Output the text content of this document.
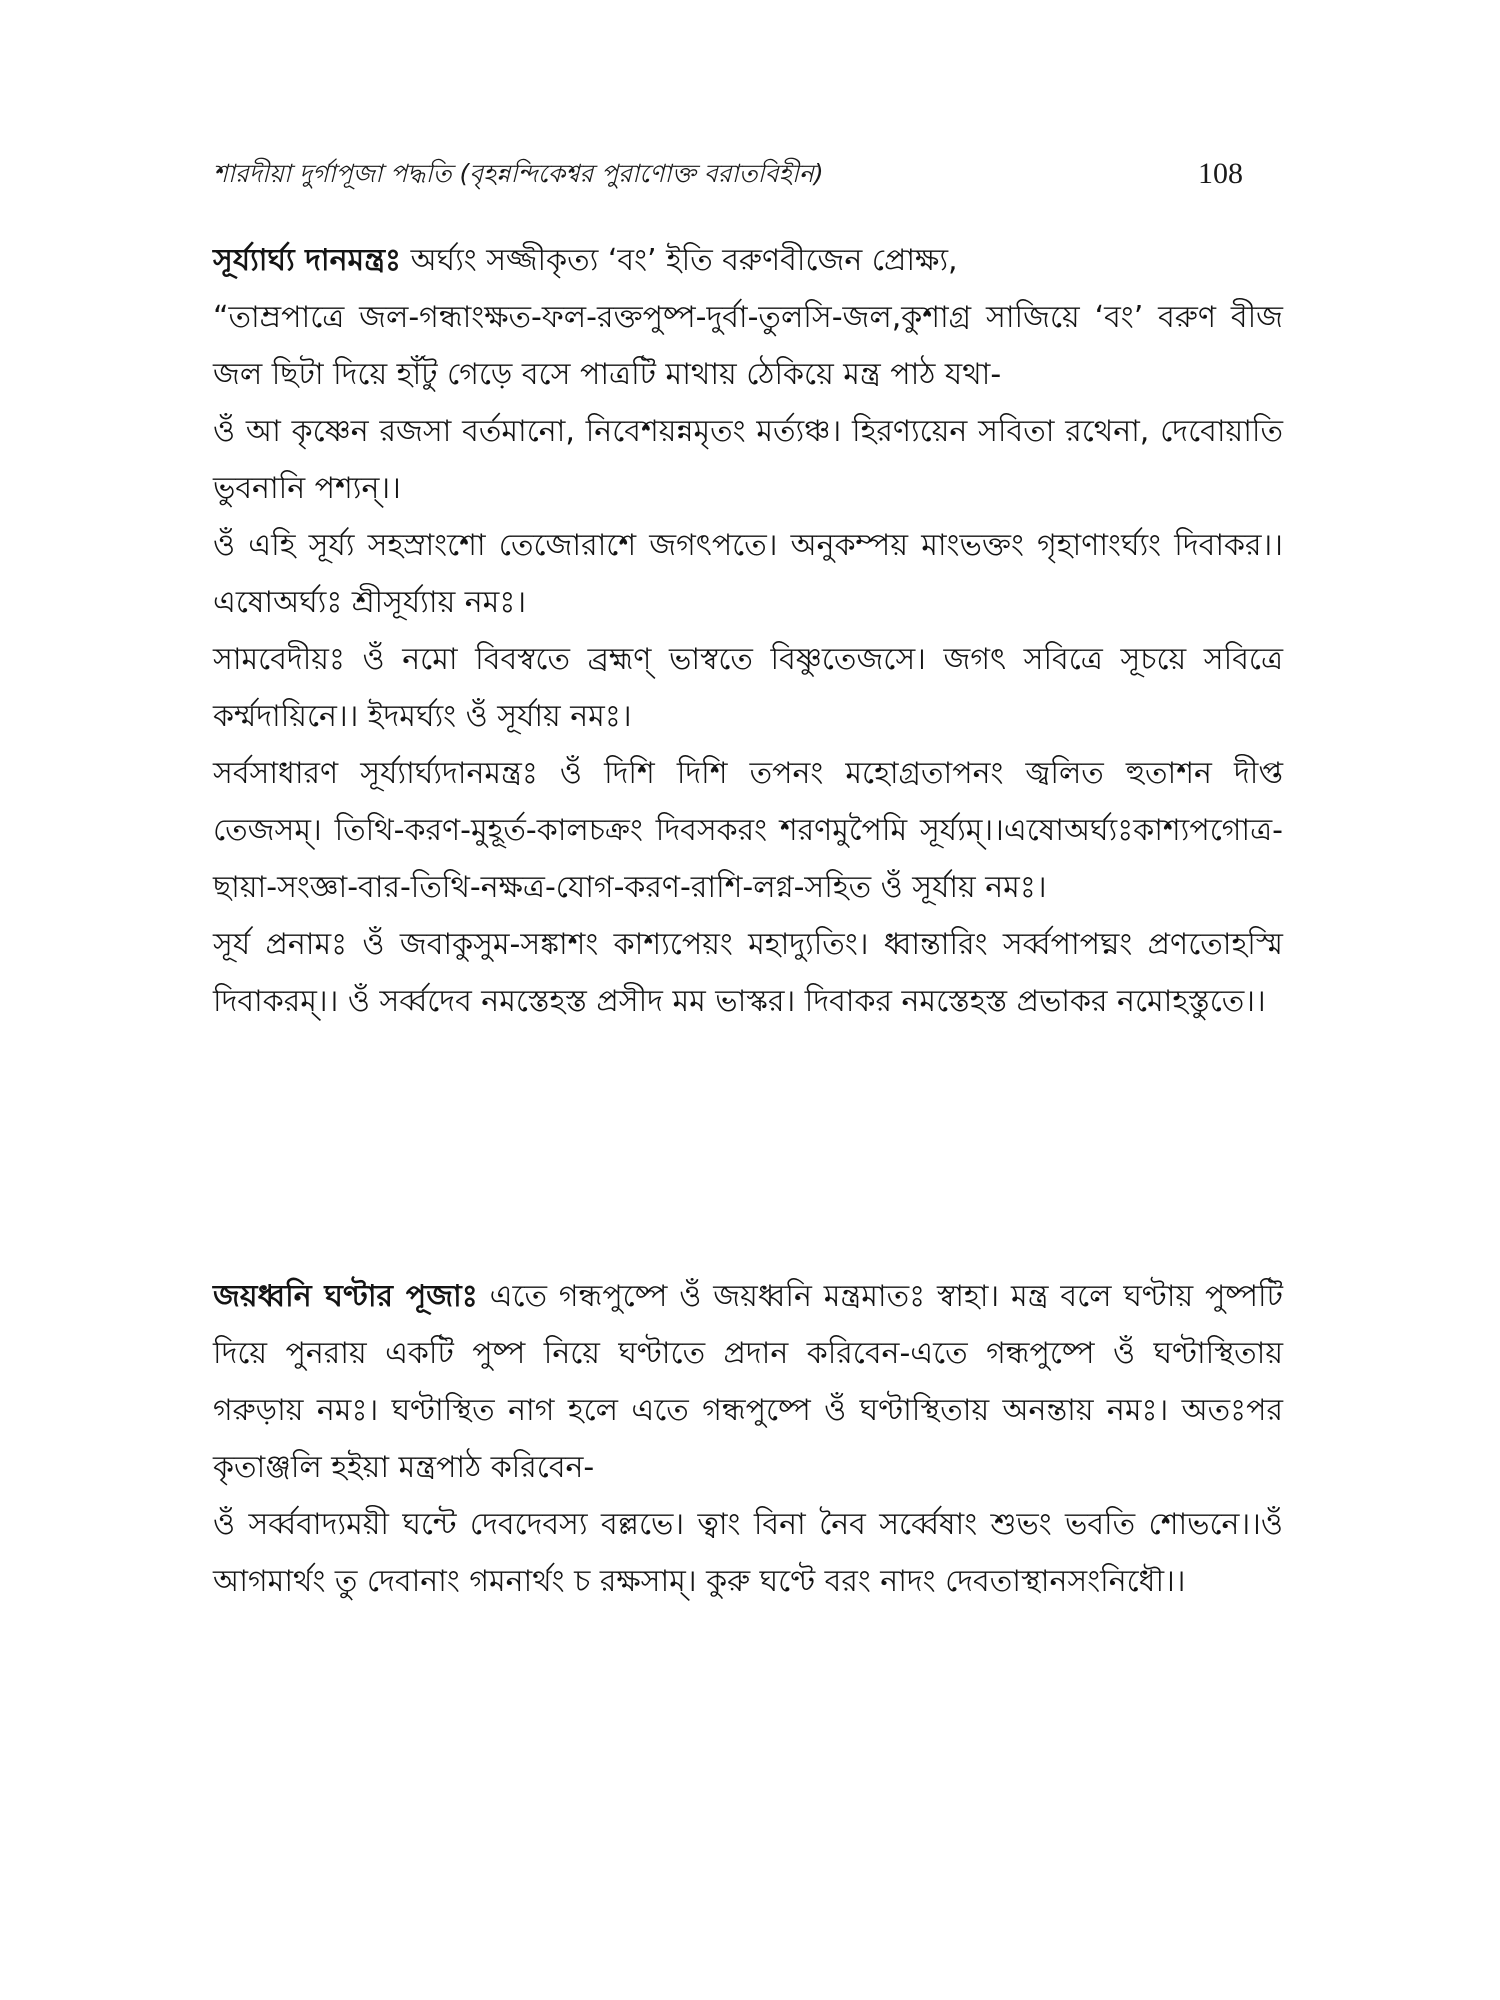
শারদীয়া দুর্গাপূজা পদ্ধতি (বৃহন্নন্দিকেশ্বর পুরাণোক্ত বরাতবিহীন)	108

সূর্য্যার্ঘ্য দানমন্ত্রঃ অর্ঘ্যং সজ্জীকৃত্য ‘বং’ ইতি বরুণবীজেন প্রোক্ষ্য,

“তাম্রপাত্রে জল-গন্ধাংক্ষত-ফল-রক্তপুষ্প-দুর্বা-তুলসি-জল,কুশাগ্র সাজিয়ে ‘বং’ বরুণ বীজ জল ছিটা দিয়ে হাঁটু গেড়ে বসে পাত্রটি মাথায় ঠেকিয়ে মন্ত্র পাঠ যথা-

ওঁ আ কৃষ্ণেন রজসা বর্তমানো, নিবেশয়ন্নমৃতং মর্ত্যঞ্চ। হিরণ্যয়েন সবিতা রথেনা, দেবোয়াতি ভুবনানি পশ্যন্।।

ওঁ এহি সূর্য্য সহস্রাংশো তেজোরাশে জগৎপতে। অনুকম্পয় মাংভক্তং গৃহাণাংর্ঘ্যং দিবাকর।।এষোঅর্ঘ্যঃ শ্রীসূর্য্যায় নমঃ।

সামবেদীয়ঃ ওঁ নমো বিবস্বতে ব্রহ্মণ্ ভাস্বতে বিষ্ণুতেজসে। জগৎ সবিত্রে সূচয়ে সবিত্রে কর্ম্মদায়িনে।। ইদমর্ঘ্যং ওঁ সূর্যায় নমঃ।

সর্বসাধারণ সূর্য্যার্ঘ্যদানমন্ত্রঃ ওঁ দিশি দিশি তপনং মহোগ্রতাপনং জ্বলিত হুতাশন দীপ্ত তেজসম্। তিথি-করণ-মুহূর্ত-কালচক্রং দিবসকরং শরণমুপৈমি সূর্য্যম্।।এষোঅর্ঘ্যঃকাশ্যপগোত্র-ছায়া-সংজ্ঞা-বার-তিথি-নক্ষত্র-যোগ-করণ-রাশি-লগ্ন-সহিত ওঁ সূর্যায় নমঃ।

সূর্য প্রনামঃ ওঁ জবাকুসুম-সঙ্কাশং কাশ্যপেয়ং মহাদ্যুতিং। ধ্বান্তারিং সর্ব্বপাপঘ্নং প্রণতোহস্মি দিবাকরম্।। ওঁ সর্ব্বদেব নমস্তেহস্ত প্রসীদ মম ভাস্কর। দিবাকর নমস্তেহস্ত প্রভাকর নমোহস্তুতে।।

জয়ধ্বনি ঘণ্টার পূজাঃ এতে গন্ধপুষ্পে ওঁ জয়ধ্বনি মন্ত্রমাতঃ স্বাহা। মন্ত্র বলে ঘণ্টায় পুষ্পটি দিয়ে পুনরায় একটি পুষ্প নিয়ে ঘণ্টাতে প্রদান করিবেন-এতে গন্ধপুষ্পে ওঁ ঘণ্টাস্থিতায় গরুড়ায় নমঃ। ঘণ্টাস্থিত নাগ হলে এতে গন্ধপুষ্পে ওঁ ঘণ্টাস্থিতায় অনন্তায় নমঃ। অতঃপর কৃতাঞ্জলি হইয়া মন্ত্রপাঠ করিবেন-

ওঁ সর্ব্ববাদ্যময়ী ঘন্টে দেবদেবস্য বল্লভে। ত্বাং বিনা নৈব সর্ব্বেষাং শুভং ভবতি শোভনে।।ওঁ আগমার্থং তু দেবানাং গমনার্থং চ রক্ষসাম্। কুরু ঘণ্টে বরং নাদং দেবতাস্থানসংনিধৌ।।
